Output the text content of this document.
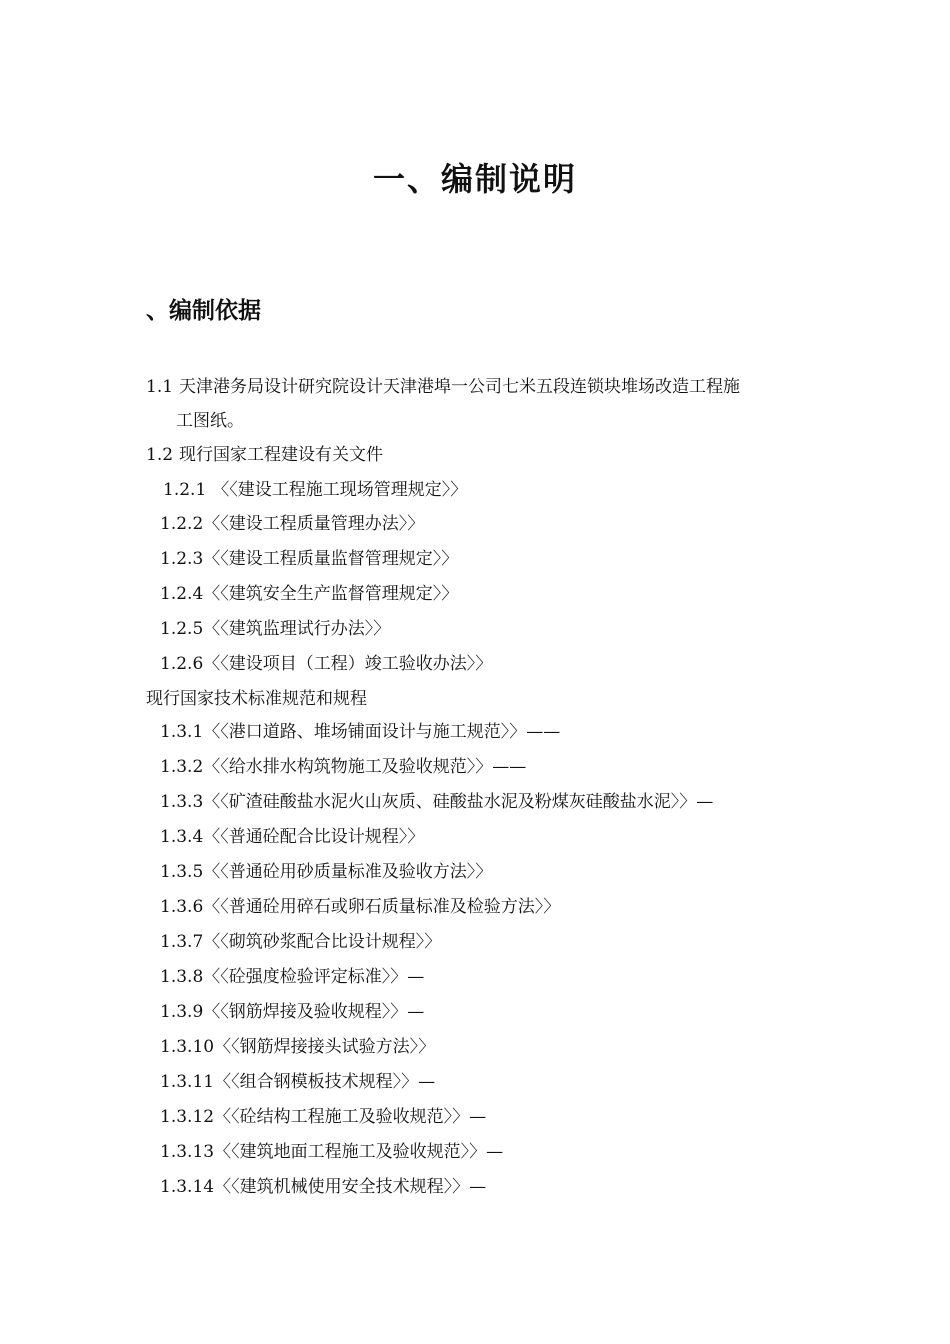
一、编制说明
、编制依据
1.1 天津港务局设计研究院设计天津港埠一公司七米五段连锁块堆场改造工程施
工图纸。
1.2 现行国家工程建设有关文件
1.2.1 〈〈建设工程施工现场管理规定〉〉
1.2.2〈〈建设工程质量管理办法〉〉
1.2.3〈〈建设工程质量监督管理规定〉〉
1.2.4〈〈建筑安全生产监督管理规定〉〉
1.2.5〈〈建筑监理试行办法〉〉
1.2.6〈〈建设项目（工程）竣工验收办法〉〉
现行国家技术标准规范和规程
1.3.1〈〈港口道路、堆场铺面设计与施工规范〉〉——
1.3.2〈〈给水排水构筑物施工及验收规范〉〉——
1.3.3〈〈矿渣硅酸盐水泥火山灰质、硅酸盐水泥及粉煤灰硅酸盐水泥〉〉—
1.3.4〈〈普通砼配合比设计规程〉〉
1.3.5〈〈普通砼用砂质量标准及验收方法〉〉
1.3.6〈〈普通砼用碎石或卵石质量标准及检验方法〉〉
1.3.7〈〈砌筑砂浆配合比设计规程〉〉
1.3.8〈〈砼强度检验评定标准〉〉—
1.3.9〈〈钢筋焊接及验收规程〉〉—
1.3.10〈〈钢筋焊接接头试验方法〉〉
1.3.11〈〈组合钢模板技术规程〉〉—
1.3.12〈〈砼结构工程施工及验收规范〉〉—
1.3.13〈〈建筑地面工程施工及验收规范〉〉—
1.3.14〈〈建筑机械使用安全技术规程〉〉—
